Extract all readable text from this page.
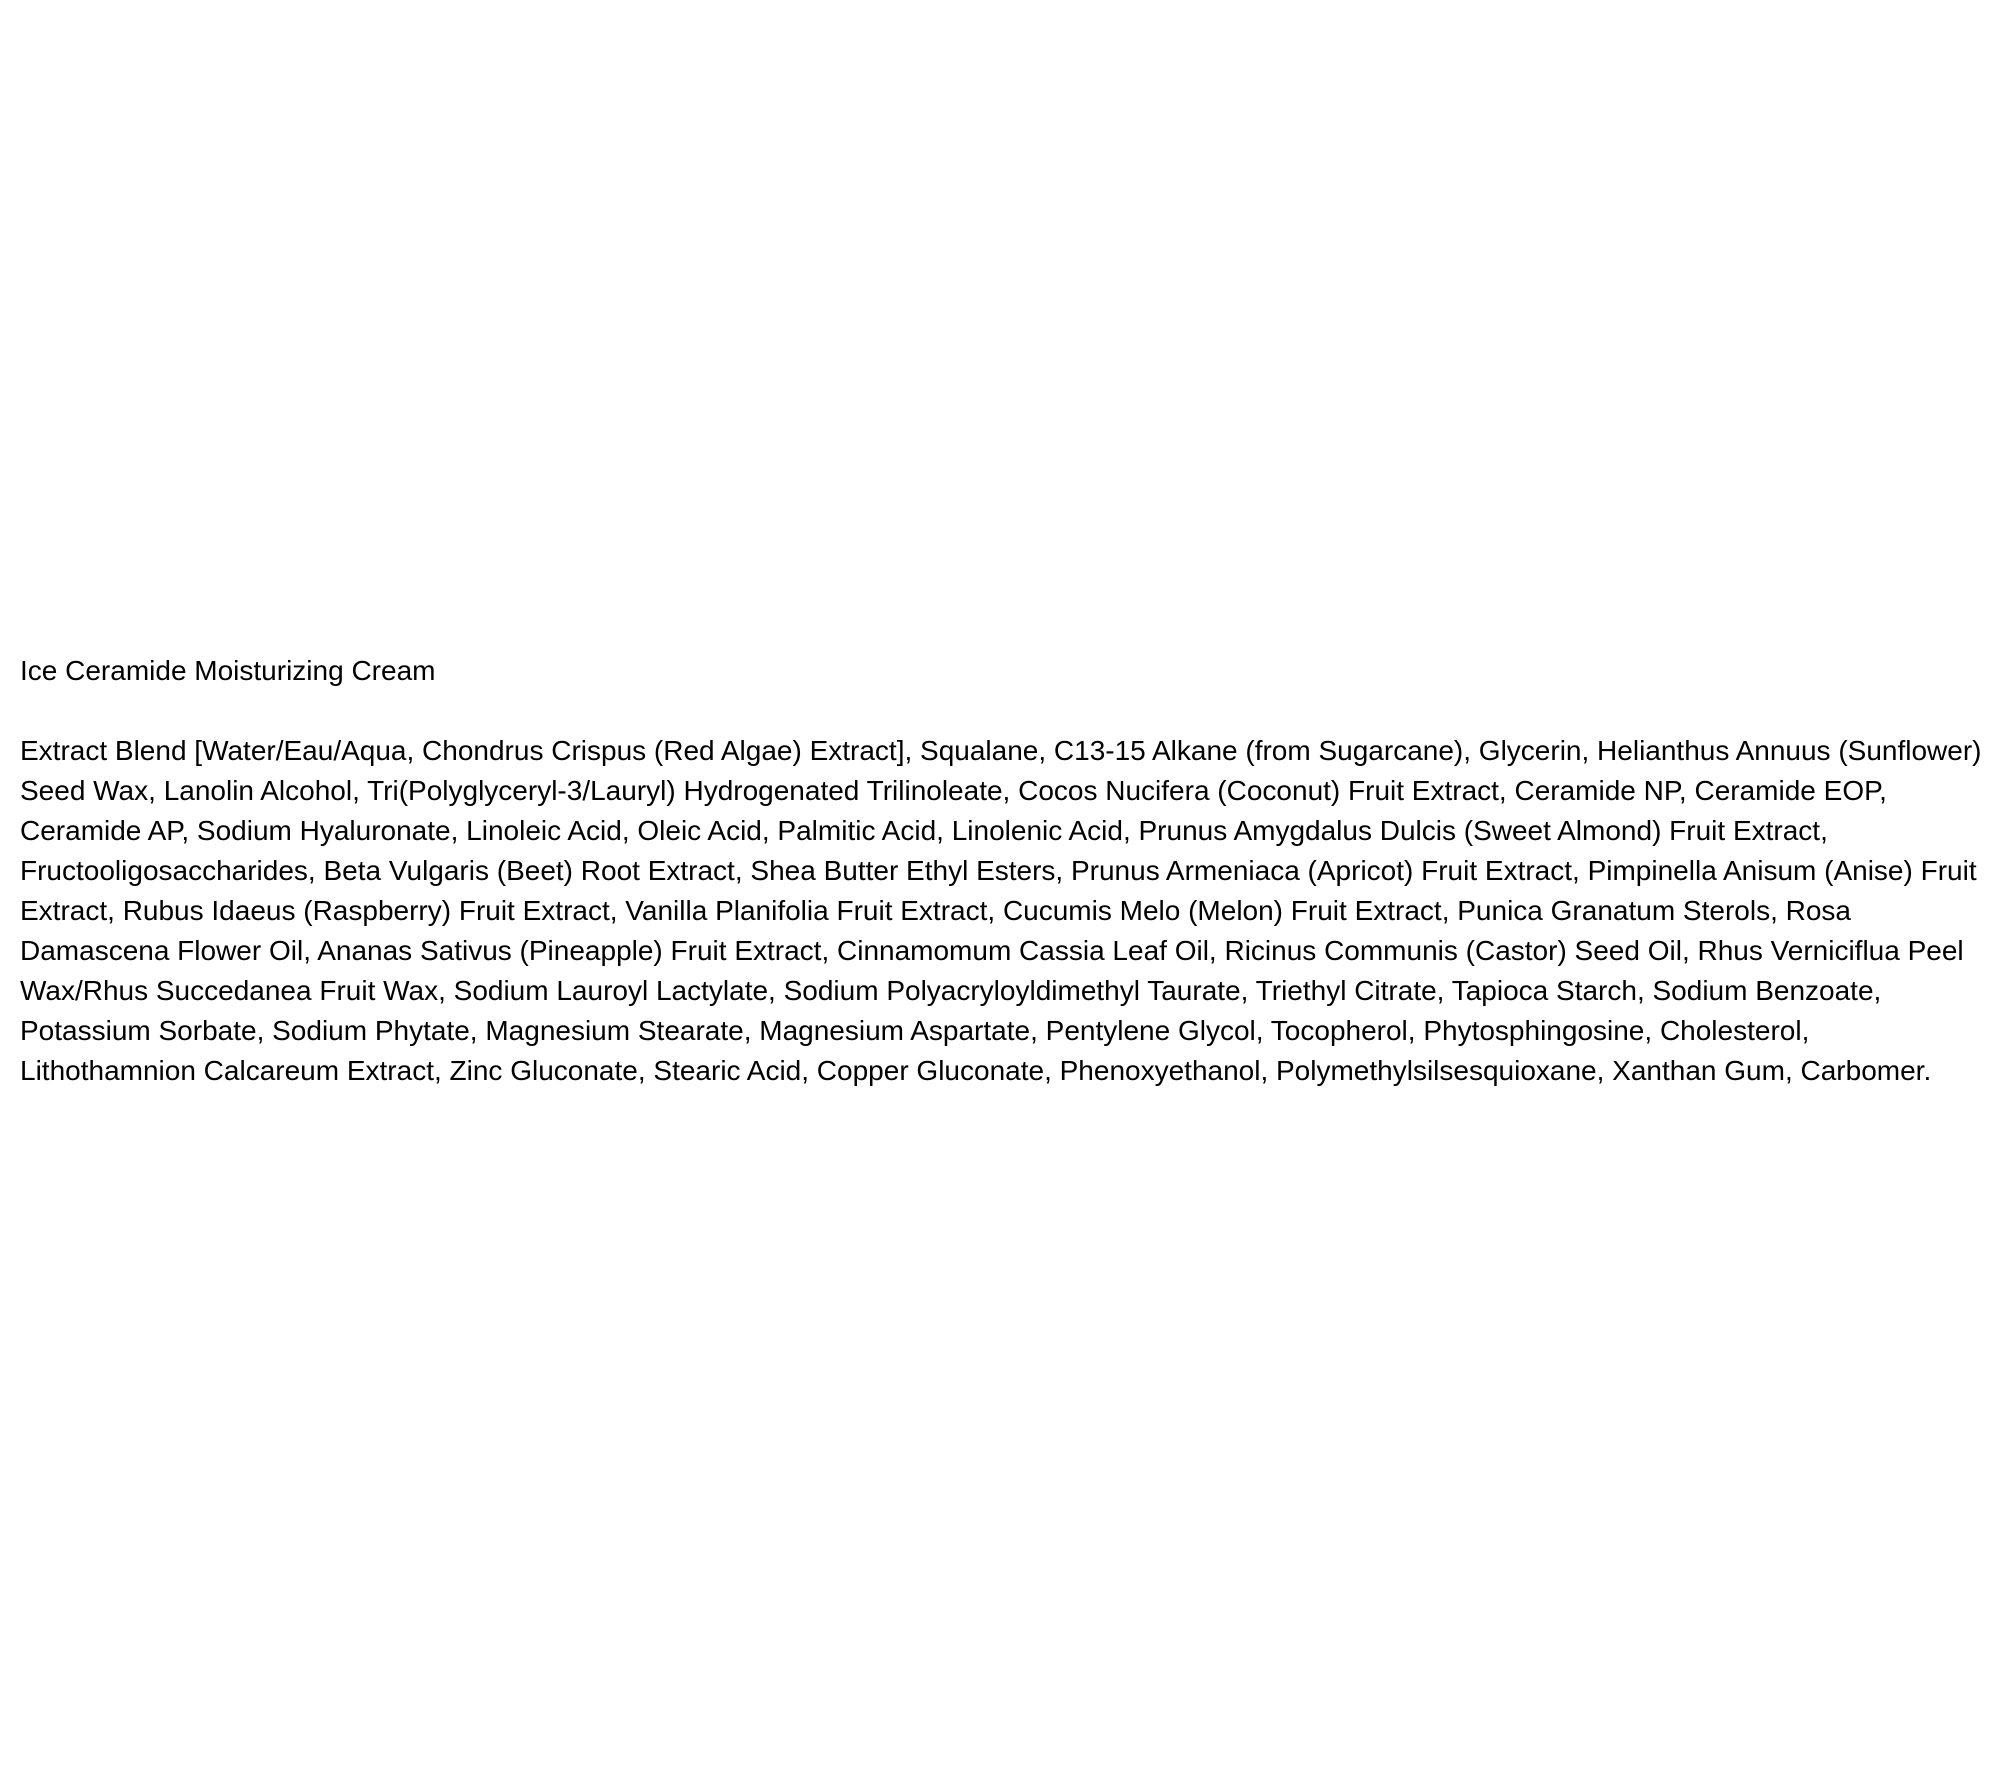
Ice Ceramide Moisturizing Cream

Extract Blend [Water/Eau/Aqua, Chondrus Crispus (Red Algae) Extract], Squalane, C13-15 Alkane (from Sugarcane), Glycerin, Helianthus Annuus (Sunflower) Seed Wax, Lanolin Alcohol, Tri(Polyglyceryl-3/Lauryl) Hydrogenated Trilinoleate, Cocos Nucifera (Coconut) Fruit Extract, Ceramide NP, Ceramide EOP, Ceramide AP, Sodium Hyaluronate, Linoleic Acid, Oleic Acid, Palmitic Acid, Linolenic Acid, Prunus Amygdalus Dulcis (Sweet Almond) Fruit Extract, Fructooligosaccharides, Beta Vulgaris (Beet) Root Extract, Shea Butter Ethyl Esters, Prunus Armeniaca (Apricot) Fruit Extract, Pimpinella Anisum (Anise) Fruit Extract, Rubus Idaeus (Raspberry) Fruit Extract, Vanilla Planifolia Fruit Extract, Cucumis Melo (Melon) Fruit Extract, Punica Granatum Sterols, Rosa Damascena Flower Oil, Ananas Sativus (Pineapple) Fruit Extract, Cinnamomum Cassia Leaf Oil, Ricinus Communis (Castor) Seed Oil, Rhus Verniciflua Peel Wax/Rhus Succedanea Fruit Wax, Sodium Lauroyl Lactylate, Sodium Polyacryloyldimethyl Taurate, Triethyl Citrate, Tapioca Starch, Sodium Benzoate, Potassium Sorbate, Sodium Phytate, Magnesium Stearate, Magnesium Aspartate, Pentylene Glycol, Tocopherol, Phytosphingosine, Cholesterol, Lithothamnion Calcareum Extract, Zinc Gluconate, Stearic Acid, Copper Gluconate, Phenoxyethanol, Polymethylsilsesquioxane, Xanthan Gum, Carbomer.
